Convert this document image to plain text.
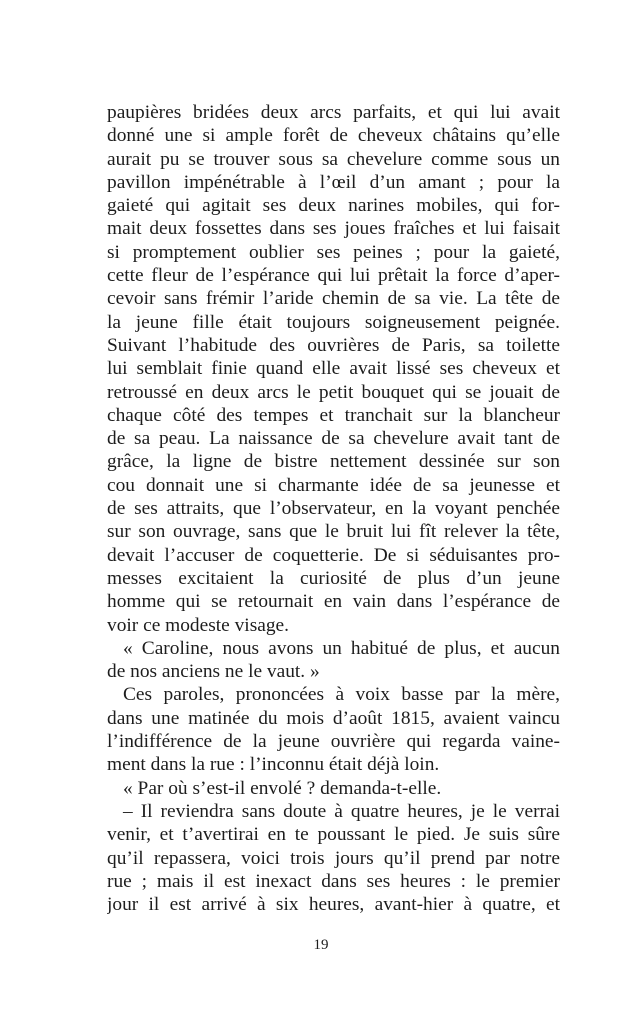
paupières bridées deux arcs parfaits, et qui lui avait
donné une si ample forêt de cheveux châtains qu’elle
aurait pu se trouver sous sa chevelure comme sous un
pavillon impénétrable à l’œil d’un amant ; pour la
gaieté qui agitait ses deux narines mobiles, qui for-
mait deux fossettes dans ses joues fraîches et lui faisait
si promptement oublier ses peines ; pour la gaieté,
cette fleur de l’espérance qui lui prêtait la force d’aper-
cevoir sans frémir l’aride chemin de sa vie. La tête de
la jeune fille était toujours soigneusement peignée.
Suivant l’habitude des ouvrières de Paris, sa toilette
lui semblait finie quand elle avait lissé ses cheveux et
retroussé en deux arcs le petit bouquet qui se jouait de
chaque côté des tempes et tranchait sur la blancheur
de sa peau. La naissance de sa chevelure avait tant de
grâce, la ligne de bistre nettement dessinée sur son
cou donnait une si charmante idée de sa jeunesse et
de ses attraits, que l’observateur, en la voyant penchée
sur son ouvrage, sans que le bruit lui fît relever la tête,
devait l’accuser de coquetterie. De si séduisantes pro-
messes excitaient la curiosité de plus d’un jeune
homme qui se retournait en vain dans l’espérance de
voir ce modeste visage.
« Caroline, nous avons un habitué de plus, et aucun
de nos anciens ne le vaut. »
Ces paroles, prononcées à voix basse par la mère,
dans une matinée du mois d’août 1815, avaient vaincu
l’indifférence de la jeune ouvrière qui regarda vaine-
ment dans la rue : l’inconnu était déjà loin.
« Par où s’est-il envolé ? demanda-t-elle.
– Il reviendra sans doute à quatre heures, je le verrai
venir, et t’avertirai en te poussant le pied. Je suis sûre
qu’il repassera, voici trois jours qu’il prend par notre
rue ; mais il est inexact dans ses heures : le premier
jour il est arrivé à six heures, avant-hier à quatre, et
19
